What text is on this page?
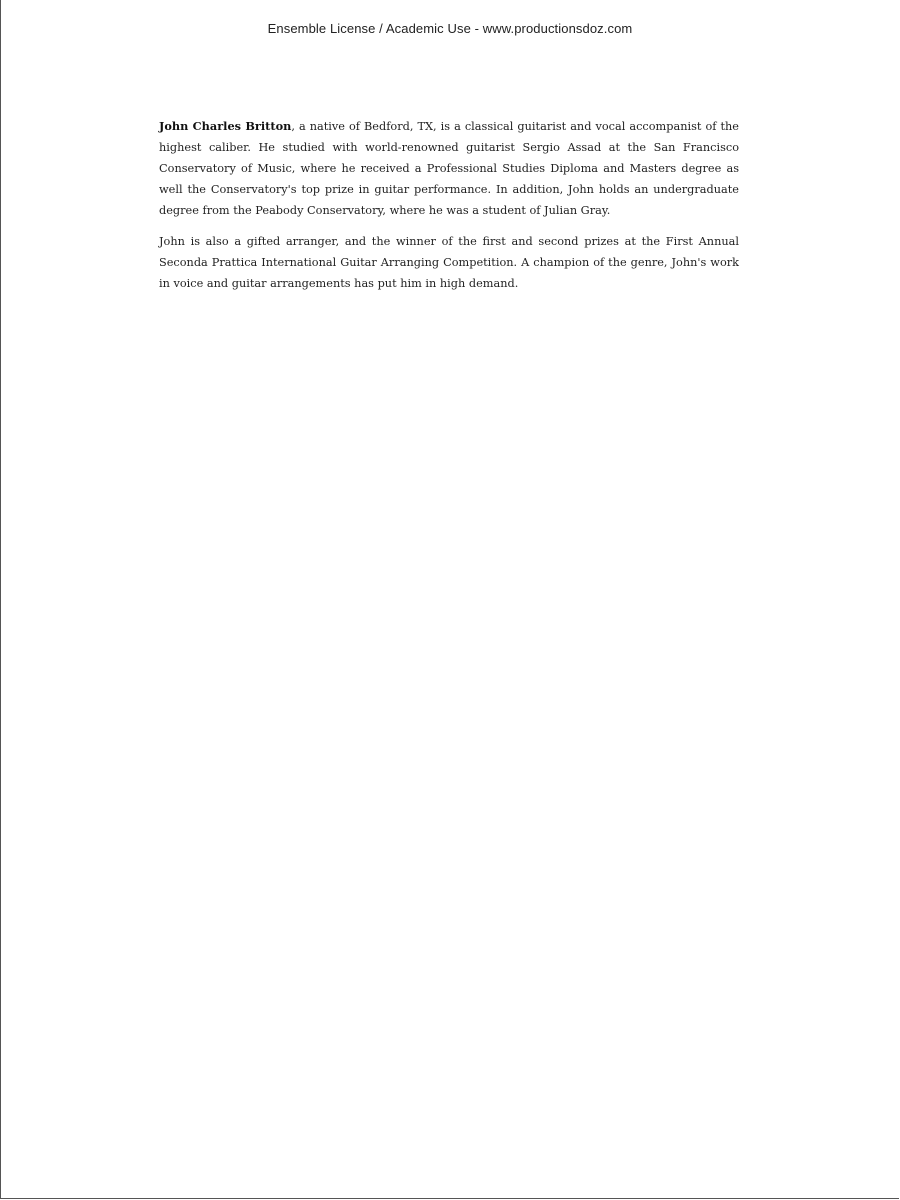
Ensemble License / Academic Use - www.productionsdoz.com

John Charles Britton, a native of Bedford, TX, is a classical guitarist and vocal accompanist of the highest caliber. He studied with world-renowned guitarist Sergio Assad at the San Francisco Conservatory of Music, where he received a Professional Studies Diploma and Masters degree as well the Conservatory's top prize in guitar performance. In addition, John holds an undergraduate degree from the Peabody Conservatory, where he was a student of Julian Gray.

John is also a gifted arranger, and the winner of the first and second prizes at the First Annual Seconda Prattica International Guitar Arranging Competition. A champion of the genre, John's work in voice and guitar arrangements has put him in high demand.
